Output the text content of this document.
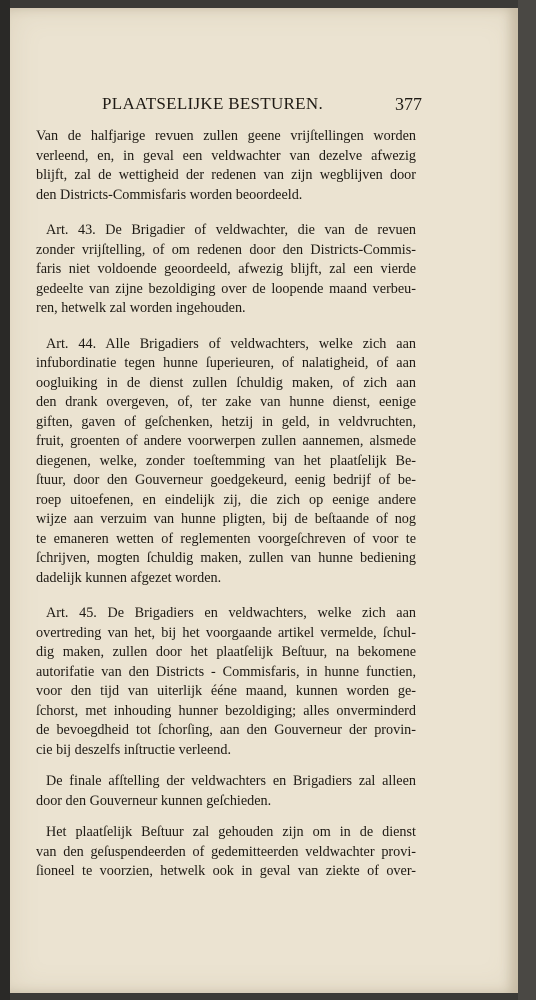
PLAATSELIJKE BESTUREN.	377
Van de halfjarige revuen zullen geene vrijſtellingen worden
verleend, en, in geval een veldwachter van dezelve afwezig
blijft, zal de wettigheid der redenen van zijn wegblijven door
den Districts-Commisfaris worden beoordeeld.
Art. 43. De Brigadier of veldwachter, die van de revuen
zonder vrijſtelling, of om redenen door den Districts-Commis-
faris niet voldoende geoordeeld, afwezig blijft, zal een vierde
gedeelte van zijne bezoldiging over de loopende maand verbeu-
ren, hetwelk zal worden ingehouden.
Art. 44. Alle Brigadiers of veldwachters, welke zich aan
infubordinatie tegen hunne ſuperieuren, of nalatigheid, of aan
oogluiking in de dienst zullen ſchuldig maken, of zich aan
den drank overgeven, of, ter zake van hunne dienst, eenige
giften, gaven of geſchenken, hetzij in geld, in veldvruchten,
fruit, groenten of andere voorwerpen zullen aannemen, alsmede
diegenen, welke, zonder toeſtemming van het plaatſelijk Be-
ſtuur, door den Gouverneur goedgekeurd, eenig bedrijf of be-
roep uitoefenen, en eindelijk zij, die zich op eenige andere
wijze aan verzuim van hunne pligten, bij de beſtaande of nog
te emaneren wetten of reglementen voorgeſchreven of voor te
ſchrijven, mogten ſchuldig maken, zullen van hunne bediening
dadelijk kunnen afgezet worden.
Art. 45. De Brigadiers en veldwachters, welke zich aan
overtreding van het, bij het voorgaande artikel vermelde, ſchul-
dig maken, zullen door het plaatſelijk Beſtuur, na bekomene
autorifatie van den Districts - Commisfaris, in hunne functien,
voor den tijd van uiterlijk ééne maand, kunnen worden ge-
ſchorst, met inhouding hunner bezoldiging; alles onverminderd
de bevoegdheid tot ſchorſing, aan den Gouverneur der provin-
cie bij deszelfs inſtructie verleend.
De finale afſtelling der veldwachters en Brigadiers zal alleen
door den Gouverneur kunnen geſchieden.
Het plaatſelijk Beſtuur zal gehouden zijn om in de dienst
van den geſuspendeerden of gedemitteerden veldwachter provi-
ſioneel te voorzien, hetwelk ook in geval van ziekte of over-
